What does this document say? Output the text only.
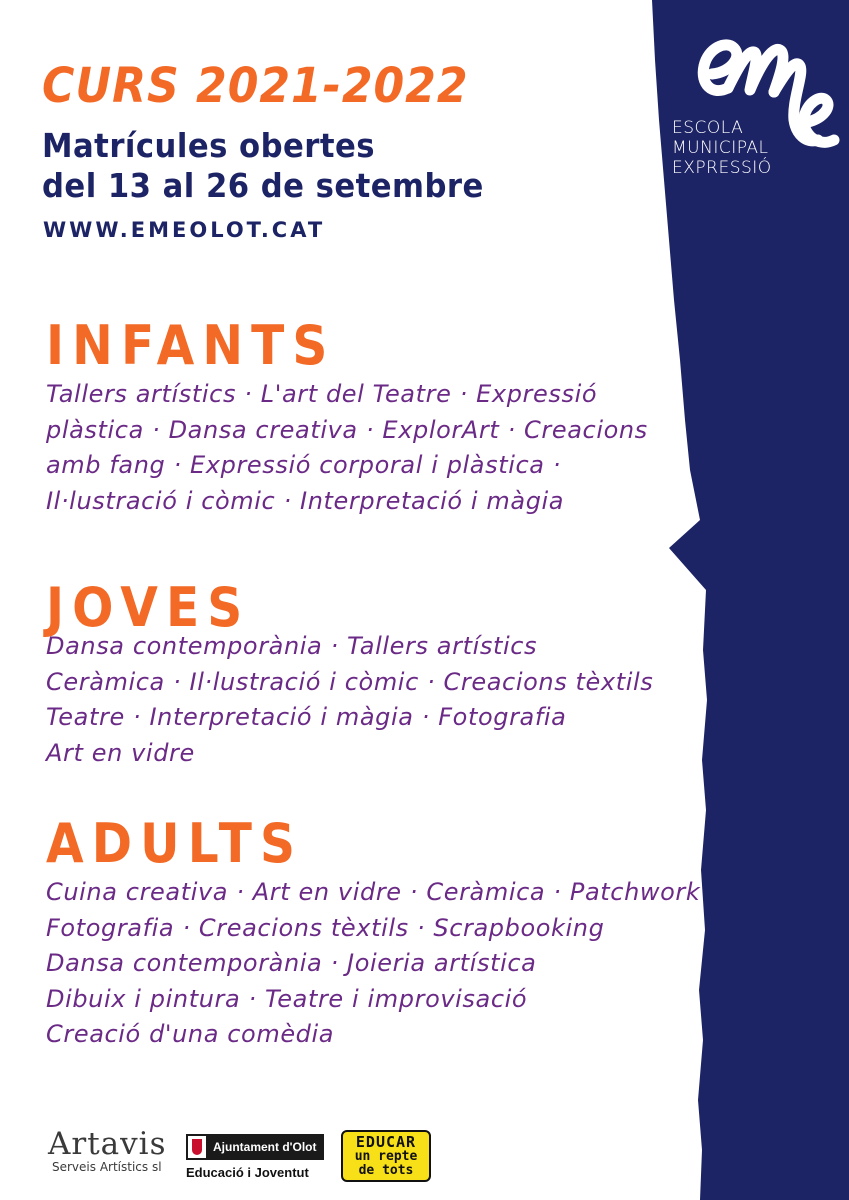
ESCOLA
MUNICIPAL
EXPRESSIÓ
CURS 2021-2022
Matrícules obertes
del 13 al 26 de setembre
WWW.EMEOLOT.CAT
INFANTS
Tallers artístics · L'art del Teatre · Expressió
plàstica · Dansa creativa · ExplorArt · Creacions
amb fang · Expressió corporal i plàstica ·
Il·lustració i còmic · Interpretació i màgia
JOVES
Dansa contemporània · Tallers artístics
Ceràmica · Il·lustració i còmic · Creacions tèxtils
Teatre · Interpretació i màgia · Fotografia
Art en vidre
ADULTS
Cuina creativa · Art en vidre · Ceràmica · Patchwork
Fotografia · Creacions tèxtils · Scrapbooking
Dansa contemporània · Joieria artística
Dibuix i pintura · Teatre i improvisació
Creació d'una comèdia
Artavis
Serveis Artístics sl
Ajuntament d'Olot
Educació i Joventut
EDUCAR
un repte
de tots
